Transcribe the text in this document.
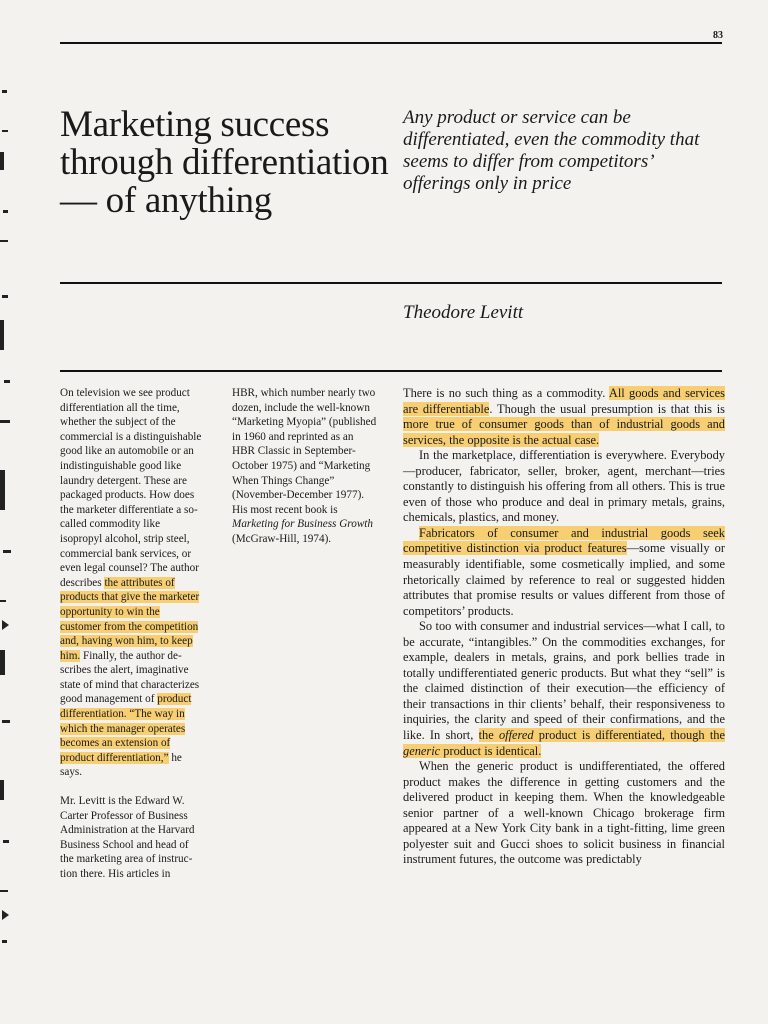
83
Marketing success through differentiation— of anything

Any product or service can be differentiated, even the commodity that seems to differ from competitors’ offerings only in price

Theodore Levitt

On television we see product differentiation all the time, whether the subject of the commercial is a distinguishable good like an automobile or an indistinguishable good like laundry detergent. These are packaged products. How does the marketer differentiate a so-called commodity like isopropyl alcohol, strip steel, commercial bank services, or even legal counsel? The author describes the attributes of products that give the marketer opportunity to win the customer from the competition and, having won him, to keep him. Finally, the author describes the alert, imaginative state of mind that characterizes good management of product differentiation. “The way in which the manager operates becomes an extension of product differentiation,” he says.

Mr. Levitt is the Edward W. Carter Professor of Business Administration at the Harvard Business School and head of the marketing area of instruction there. His articles in

HBR, which number nearly two dozen, include the well-known “Marketing Myopia” (published in 1960 and reprinted as an HBR Classic in September-October 1975) and “Marketing When Things Change” (November-December 1977). His most recent book is Marketing for Business Growth (McGraw-Hill, 1974).

There is no such thing as a commodity. All goods and services are differentiable. Though the usual presumption is that this is more true of consumer goods than of industrial goods and services, the opposite is the actual case.

In the marketplace, differentiation is everywhere. Everybody—producer, fabricator, seller, broker, agent, merchant—tries constantly to distinguish his offering from all others. This is true even of those who produce and deal in primary metals, grains, chemicals, plastics, and money.

Fabricators of consumer and industrial goods seek competitive distinction via product features—some visually or measurably identifiable, some cosmetically implied, and some rhetorically claimed by reference to real or suggested hidden attributes that promise results or values different from those of competitors’ products.

So too with consumer and industrial services—what I call, to be accurate, “intangibles.” On the commodities exchanges, for example, dealers in metals, grains, and pork bellies trade in totally undifferentiated generic products. But what they “sell” is the claimed distinction of their execution—the efficiency of their transactions in thir clients’ behalf, their responsiveness to inquiries, the clarity and speed of their confirmations, and the like. In short, the offered product is differentiated, though the generic product is identical.

When the generic product is undifferentiated, the offered product makes the difference in getting customers and the delivered product in keeping them. When the knowledgeable senior partner of a well-known Chicago brokerage firm appeared at a New York City bank in a tight-fitting, lime green polyester suit and Gucci shoes to solicit business in financial instrument futures, the outcome was predictably
